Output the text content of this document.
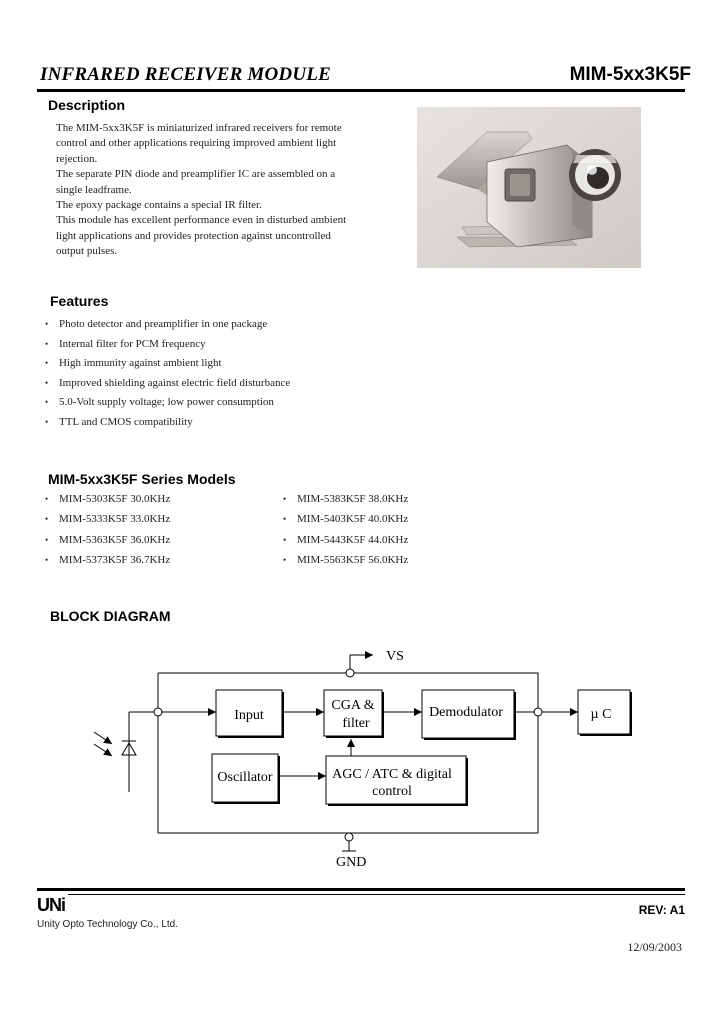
INFRARED RECEIVER MODULE	MIM-5xx3K5F
Description

The MIM-5xx3K5F is miniaturized infrared receivers for remote control and other applications requiring improved ambient light rejection.

The separate PIN diode and preamplifier IC are assembled on a single leadframe.

The epoxy package contains a special IR filter.

This module has excellent performance even in disturbed ambient light applications and provides protection against uncontrolled output pulses.

Features
• Photo detector and preamplifier in one package
• Internal filter for PCM frequency
• High immunity against ambient light
• Improved shielding against electric field disturbance
• 5.0-Volt supply voltage; low power consumption
• TTL and CMOS compatibility
MIM-5xx3K5F Series Models
• MIM-5303K5F 30.0KHz
• MIM-5333K5F 33.0KHz
• MIM-5363K5F 36.0KHz
• MIM-5373K5F 36.7KHz
• MIM-5383K5F 38.0KHz
• MIM-5403K5F 40.0KHz
• MIM-5443K5F 44.0KHz
• MIM-5563K5F 56.0KHz
BLOCK DIAGRAM
VS
GND
Input
CGA &
filter
Demodulator	µ C
Oscillator	AGC / ATC & digital
control
UNi
Unity Opto Technology Co., Ltd.
REV: A1
12/09/2003
